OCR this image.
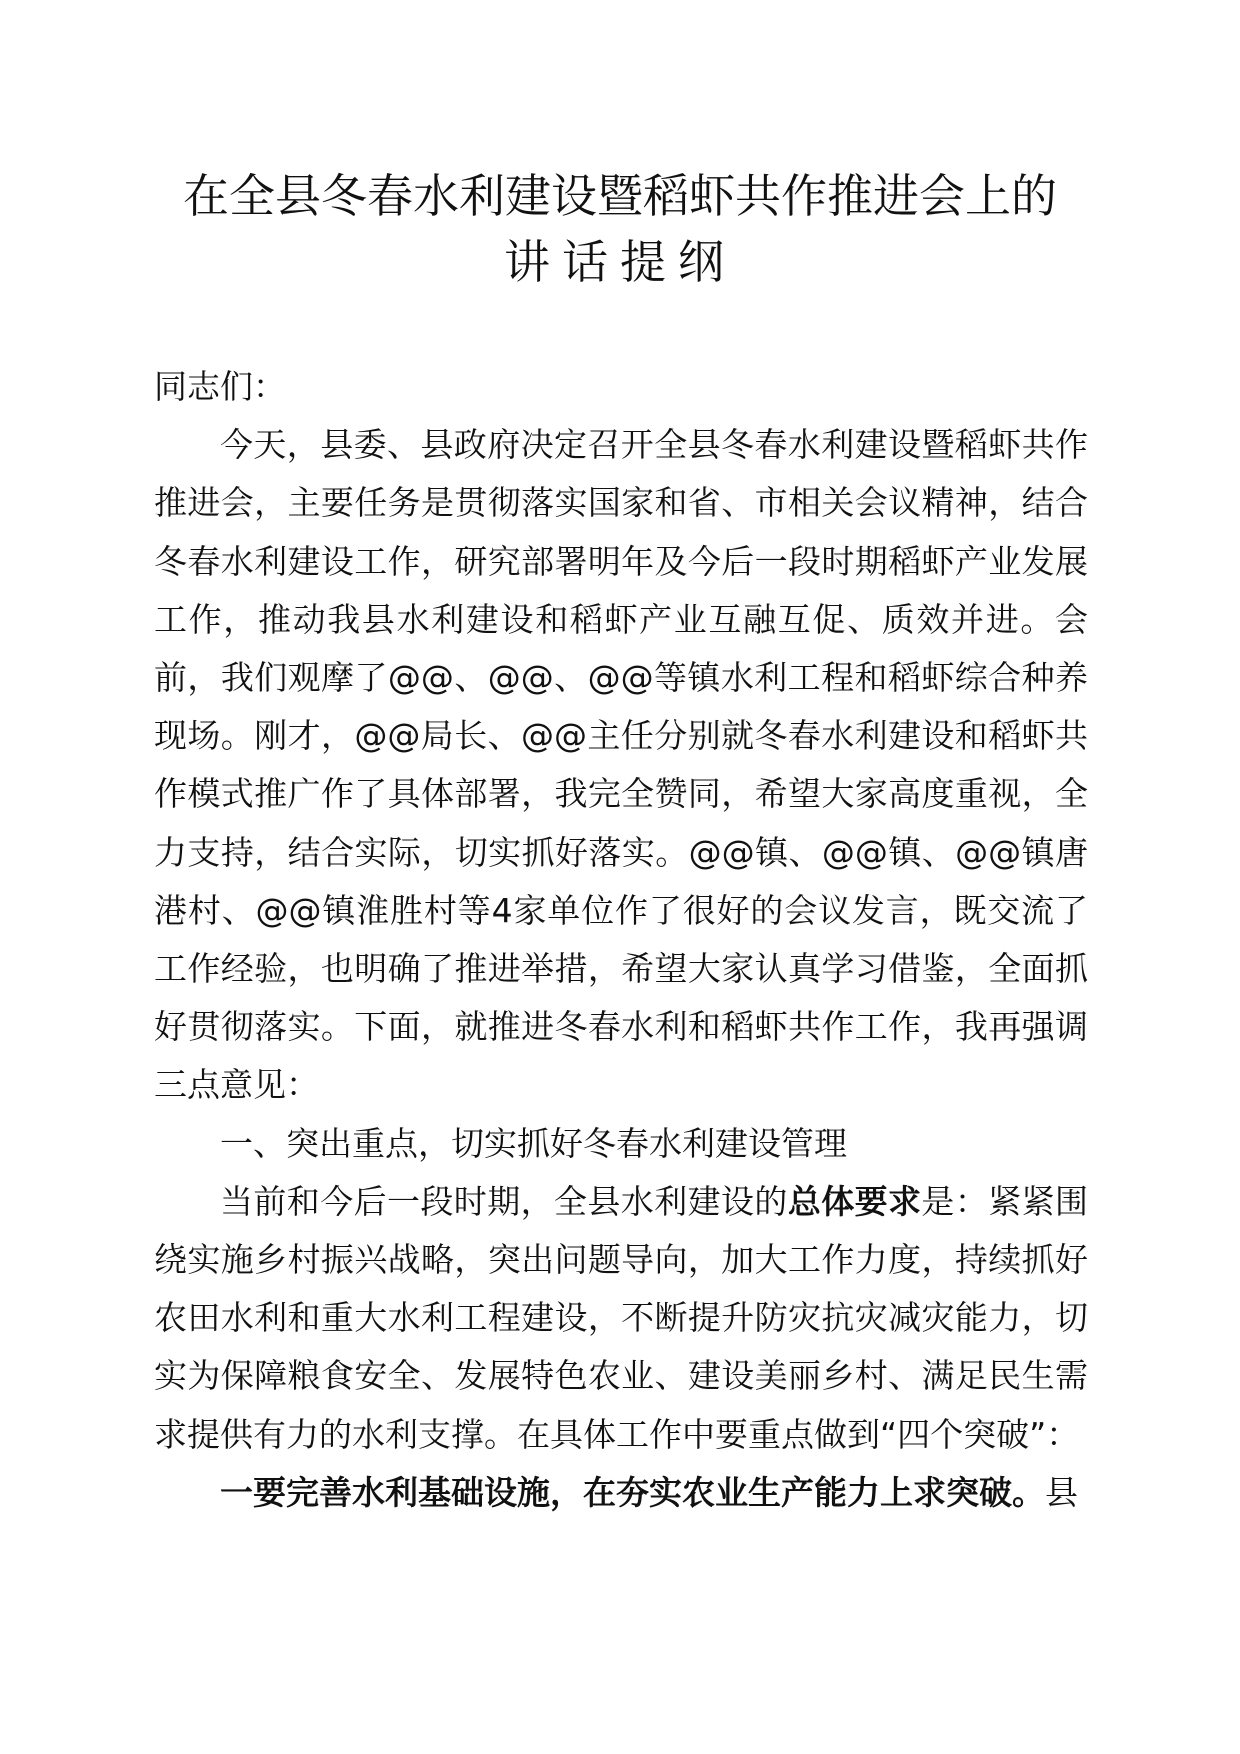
在全县冬春水利建设暨稻虾共作推进会上的
讲话提纲

同志们：

今天，县委、县政府决定召开全县冬春水利建设暨稻虾共作推进会，主要任务是贯彻落实国家和省、市相关会议精神，结合冬春水利建设工作，研究部署明年及今后一段时期稻虾产业发展工作，推动我县水利建设和稻虾产业互融互促、质效并进。会前，我们观摩了@@、@@、@@等镇水利工程和稻虾综合种养现场。刚才，@@局长、@@主任分别就冬春水利建设和稻虾共作模式推广作了具体部署，我完全赞同，希望大家高度重视，全力支持，结合实际，切实抓好落实。@@镇、@@镇、@@镇唐港村、@@镇淮胜村等4家单位作了很好的会议发言，既交流了工作经验，也明确了推进举措，希望大家认真学习借鉴，全面抓好贯彻落实。下面，就推进冬春水利和稻虾共作工作，我再强调三点意见：

一、突出重点，切实抓好冬春水利建设管理

当前和今后一段时期，全县水利建设的总体要求是：紧紧围绕实施乡村振兴战略，突出问题导向，加大工作力度，持续抓好农田水利和重大水利工程建设，不断提升防灾抗灾减灾能力，切实为保障粮食安全、发展特色农业、建设美丽乡村、满足民生需求提供有力的水利支撑。在具体工作中要重点做到“四个突破”：

一要完善水利基础设施，在夯实农业生产能力上求突破。县
